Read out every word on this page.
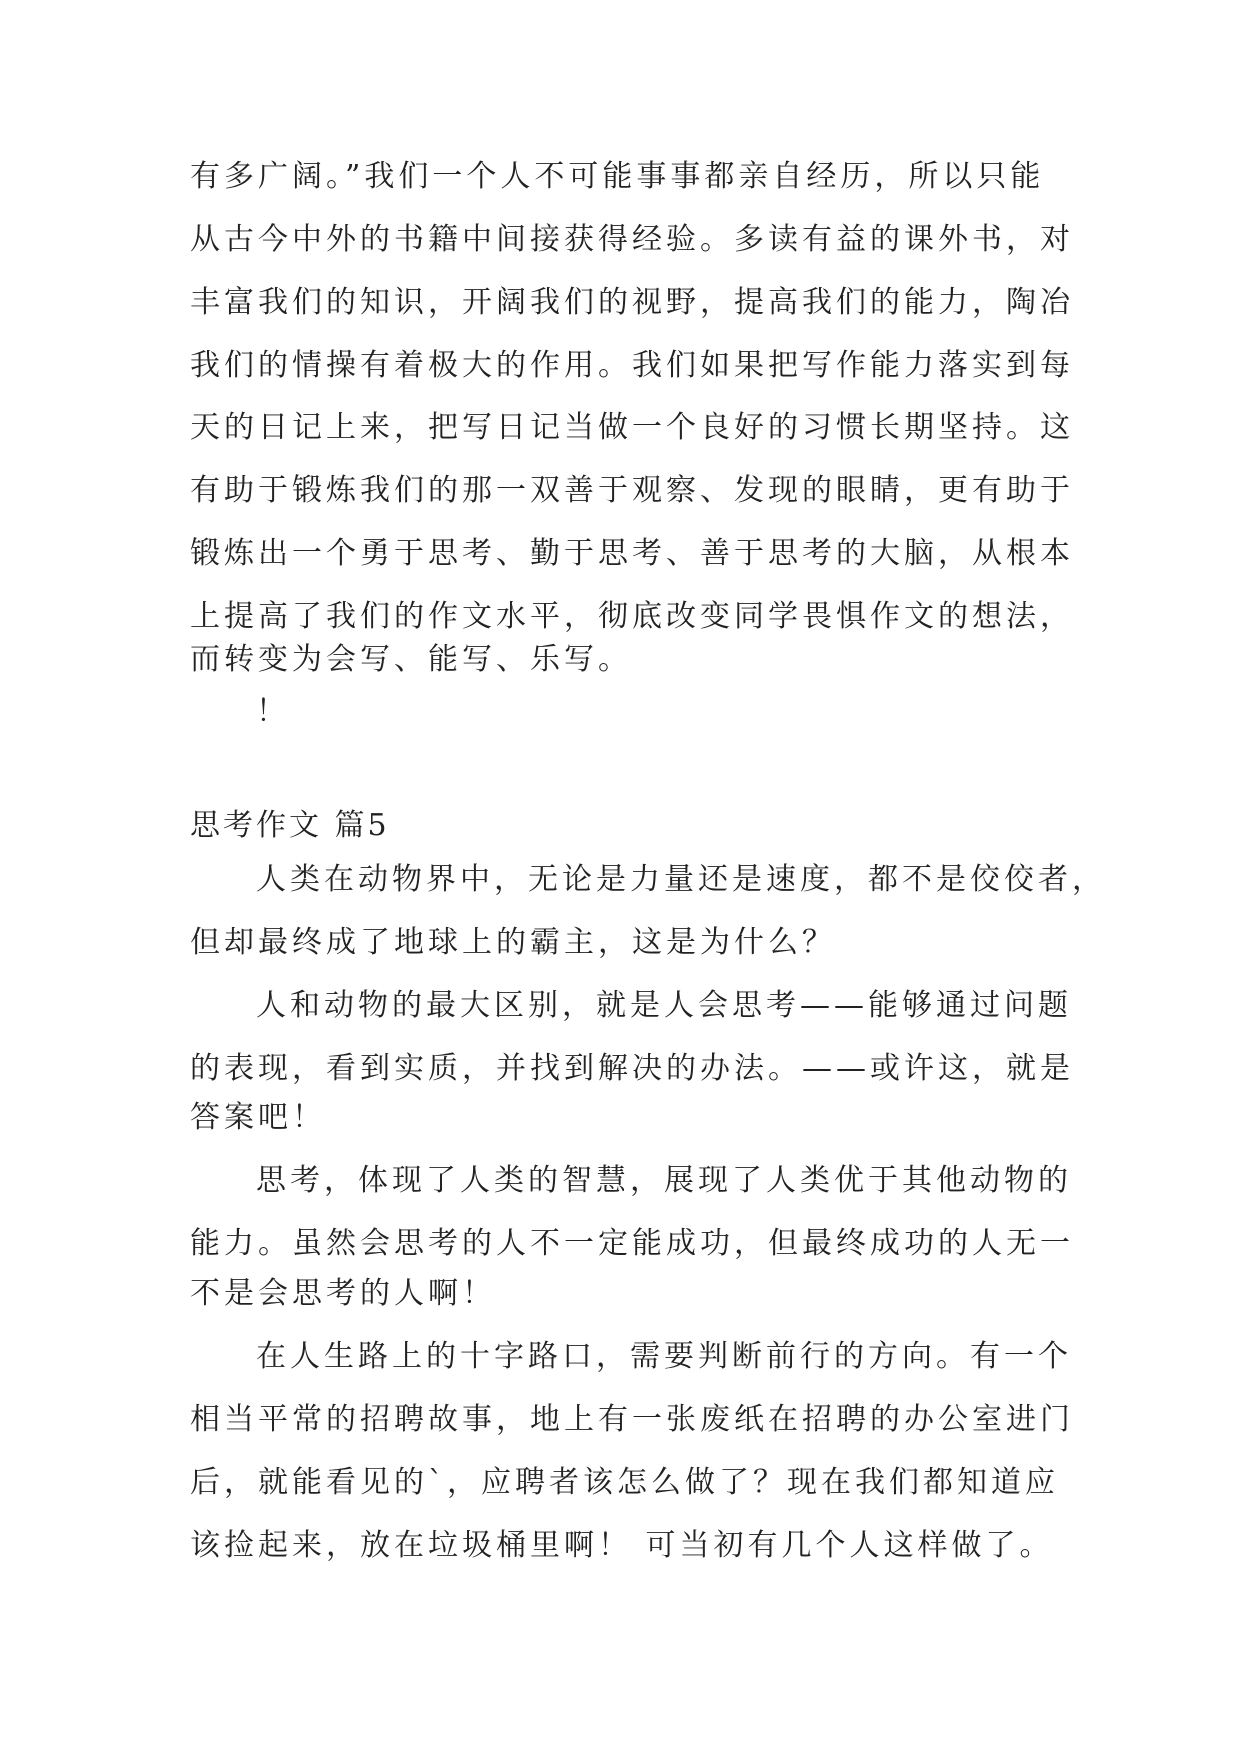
有多广阔。”我们一个人不可能事事都亲自经历，所以只能
从古今中外的书籍中间接获得经验。多读有益的课外书，对
丰富我们的知识，开阔我们的视野，提高我们的能力，陶冶
我们的情操有着极大的作用。我们如果把写作能力落实到每
天的日记上来，把写日记当做一个良好的习惯长期坚持。这
有助于锻炼我们的那一双善于观察、发现的眼睛，更有助于
锻炼出一个勇于思考、勤于思考、善于思考的大脑，从根本
上提高了我们的作文水平，彻底改变同学畏惧作文的想法，
而转变为会写、能写、乐写。
！
思考作文 篇5
人类在动物界中，无论是力量还是速度，都不是佼佼者，
但却最终成了地球上的霸主，这是为什么？
人和动物的最大区别，就是人会思考——能够通过问题
的表现，看到实质，并找到解决的办法。——或许这，就是
答案吧！
思考，体现了人类的智慧，展现了人类优于其他动物的
能力。虽然会思考的人不一定能成功，但最终成功的人无一
不是会思考的人啊！
在人生路上的十字路口，需要判断前行的方向。有一个
相当平常的招聘故事，地上有一张废纸在招聘的办公室进门
后，就能看见的`，应聘者该怎么做了？现在我们都知道应
该捡起来，放在垃圾桶里啊！ 可当初有几个人这样做了。
